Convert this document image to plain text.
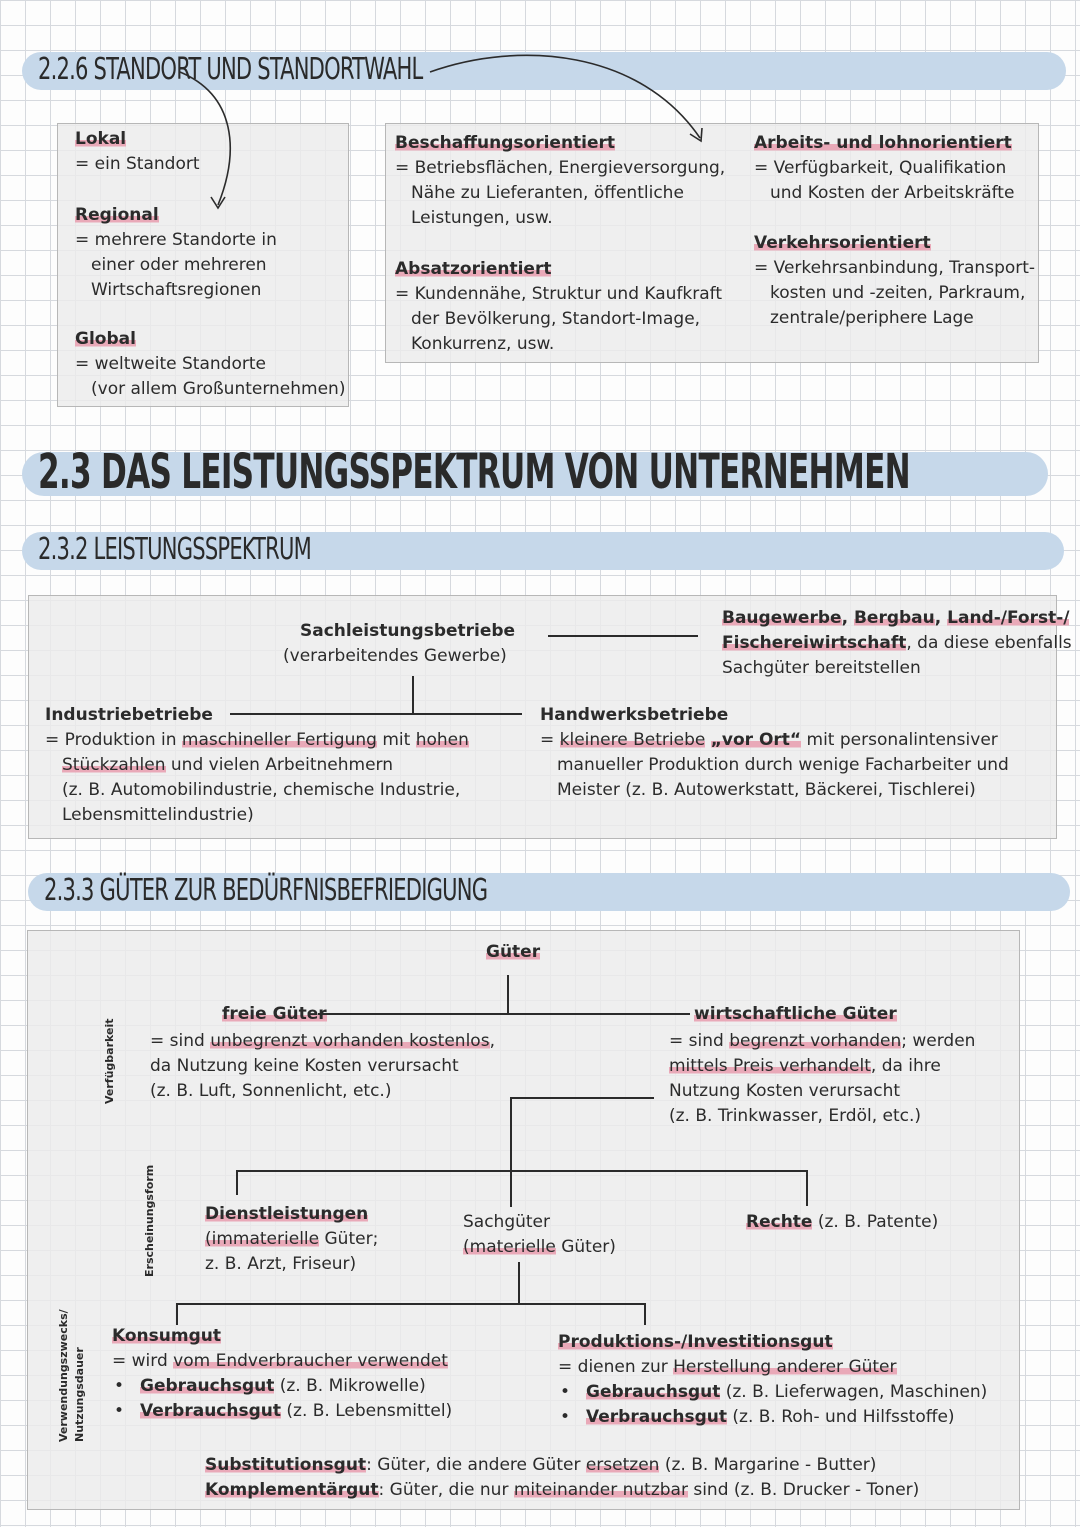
2.2.6 STANDORT UND STANDORTWAHL
Lokal
= ein Standort
Regional
= mehrere Standorte in
einer oder mehreren
Wirtschaftsregionen
Global
= weltweite Standorte
(vor allem Großunternehmen)
Beschaffungsorientiert
= Betriebsflächen, Energieversorgung,
Nähe zu Lieferanten, öffentliche
Leistungen, usw.
Absatzorientiert
= Kundennähe, Struktur und Kaufkraft
der Bevölkerung, Standort-Image,
Konkurrenz, usw.
Arbeits- und lohnorientiert
= Verfügbarkeit, Qualifikation
und Kosten der Arbeitskräfte
Verkehrsorientiert
= Verkehrsanbindung, Transport-
kosten und -zeiten, Parkraum,
zentrale/periphere Lage
2.3 DAS LEISTUNGSSPEKTRUM VON UNTERNEHMEN
2.3.2 LEISTUNGSSPEKTRUM
Sachleistungsbetriebe
(verarbeitendes Gewerbe)
Baugewerbe, Bergbau, Land-/Forst-/
Fischereiwirtschaft, da diese ebenfalls
Sachgüter bereitstellen
Industriebetriebe
= Produktion in maschineller Fertigung mit hohen
Stückzahlen und vielen Arbeitnehmern
(z. B. Automobilindustrie, chemische Industrie,
Lebensmittelindustrie)
Handwerksbetriebe
= kleinere Betriebe „vor Ort“ mit personalintensiver
manueller Produktion durch wenige Facharbeiter und
Meister (z. B. Autowerkstatt, Bäckerei, Tischlerei)
2.3.3 GÜTER ZUR BEDÜRFNISBEFRIEDIGUNG
Güter
Verfügbarkeit
Erscheinungsform
Verwendungszwecks/ Nutzungsdauer
freie Güter
= sind unbegrenzt vorhanden kostenlos,
da Nutzung keine Kosten verursacht
(z. B. Luft, Sonnenlicht, etc.)
wirtschaftliche Güter
= sind begrenzt vorhanden; werden
mittels Preis verhandelt, da ihre
Nutzung Kosten verursacht
(z. B. Trinkwasser, Erdöl, etc.)
Dienstleistungen
(immaterielle Güter;
z. B. Arzt, Friseur)
Sachgüter
(materielle Güter)
Rechte (z. B. Patente)
Konsumgut
= wird vom Endverbraucher verwendet
• Gebrauchsgut (z. B. Mikrowelle)
• Verbrauchsgut (z. B. Lebensmittel)
Produktions-/Investitionsgut
= dienen zur Herstellung anderer Güter
• Gebrauchsgut (z. B. Lieferwagen, Maschinen)
• Verbrauchsgut (z. B. Roh- und Hilfsstoffe)
Substitutionsgut: Güter, die andere Güter ersetzen (z. B. Margarine - Butter)
Komplementärgut: Güter, die nur miteinander nutzbar sind (z. B. Drucker - Toner)
